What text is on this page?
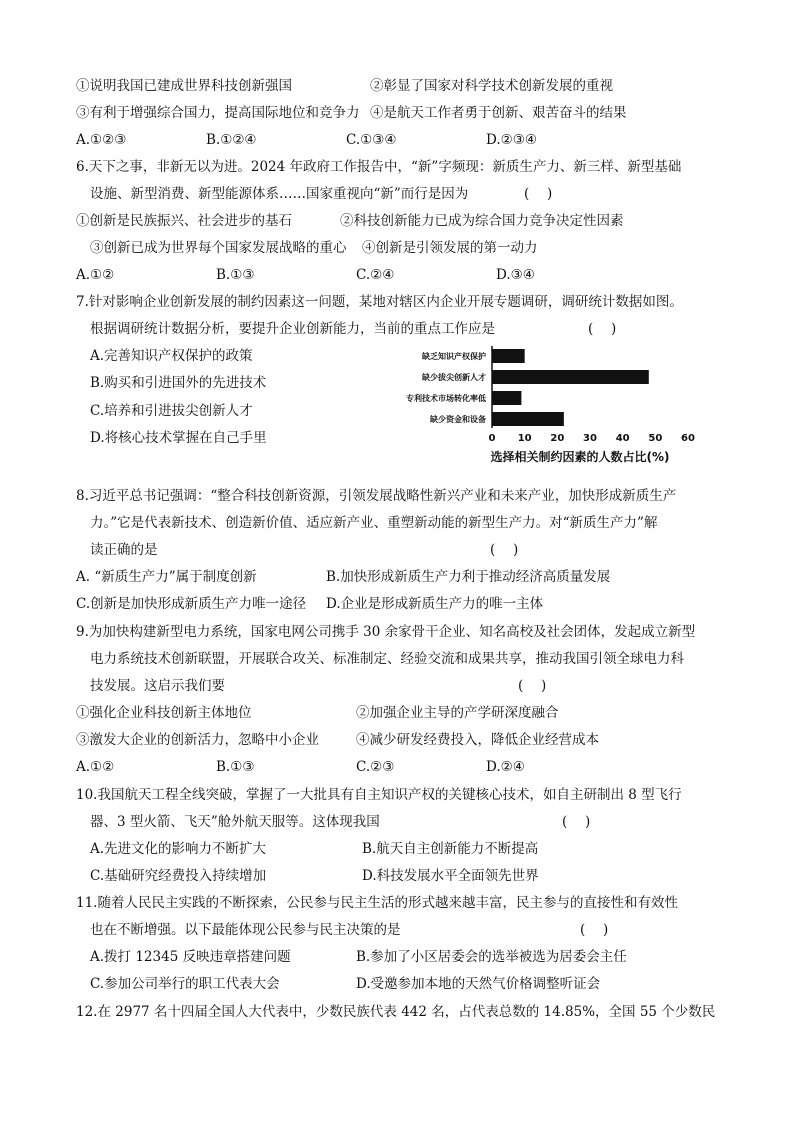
①说明我国已建成世界科技创新强国	②彰显了国家对科学技术创新发展的重视
③有利于增强综合国力，提高国际地位和竞争力 ④是航天工作者勇于创新、艰苦奋斗的结果
A.①②③	B.①②④	C.①③④	D.②③④
6.天下之事，非新无以为进。2024 年政府工作报告中，“新”字频现：新质生产力、新三样、新型基础
设施、新型消费、新型能源体系……国家重视向“新”而行是因为	(　 )
①创新是民族振兴、社会进步的基石	②科技创新能力已成为综合国力竞争决定性因素
③创新已成为世界每个国家发展战略的重心 ④创新是引领发展的第一动力
A.①②	B.①③	C.②④	D.③④
7.针对影响企业创新发展的制约因素这一问题，某地对辖区内企业开展专题调研，调研统计数据如图。
根据调研统计数据分析，要提升企业创新能力，当前的重点工作应是	(　 )
A.完善知识产权保护的政策
B.购买和引进国外的先进技术
C.培养和引进拔尖创新人才
D.将核心技术掌握在自己手里
缺乏知识产权保护
缺少拔尖创新人才
专利技术市场转化率低
缺少资金和设备
0 10 20 30 40 50 60
选择相关制约因素的人数占比(%)
8.习近平总书记强调：“整合科技创新资源，引领发展战略性新兴产业和未来产业，加快形成新质生产
力。”它是代表新技术、创造新价值、适应新产业、重塑新动能的新型生产力。对“新质生产力”解
读正确的是	(　 )
A. “新质生产力”属于制度创新	B.加快形成新质生产力利于推动经济高质量发展
C.创新是加快形成新质生产力唯一途径 D.企业是形成新质生产力的唯一主体
9.为加快构建新型电力系统，国家电网公司携手 30 余家骨干企业、知名高校及社会团体，发起成立新型
电力系统技术创新联盟，开展联合攻关、标准制定、经验交流和成果共享，推动我国引领全球电力科
技发展。这启示我们要	(　 )
①强化企业科技创新主体地位	②加强企业主导的产学研深度融合
③激发大企业的创新活力，忽略中小企业	④减少研发经费投入，降低企业经营成本
A.①②	B.①③	C.②③	D.②④
10.我国航天工程全线突破，掌握了一大批具有自主知识产权的关键核心技术，如自主研制出 8 型飞行
器、3 型火箭、飞天”舱外航天服等。这体现我国	(　 )
A.先进文化的影响力不断扩大	B.航天自主创新能力不断提高
C.基础研究经费投入持续增加	D.科技发展水平全面领先世界
11.随着人民民主实践的不断探索，公民参与民主生活的形式越来越丰富，民主参与的直接性和有效性
也在不断增强。以下最能体现公民参与民主决策的是	(　 )
A.拨打 12345 反映违章搭建问题	B.参加了小区居委会的选举被选为居委会主任
C.参加公司举行的职工代表大会	D.受邀参加本地的天然气价格调整听证会
12.在 2977 名十四届全国人大代表中，少数民族代表 442 名，占代表总数的 14.85%，全国 55 个少数民
